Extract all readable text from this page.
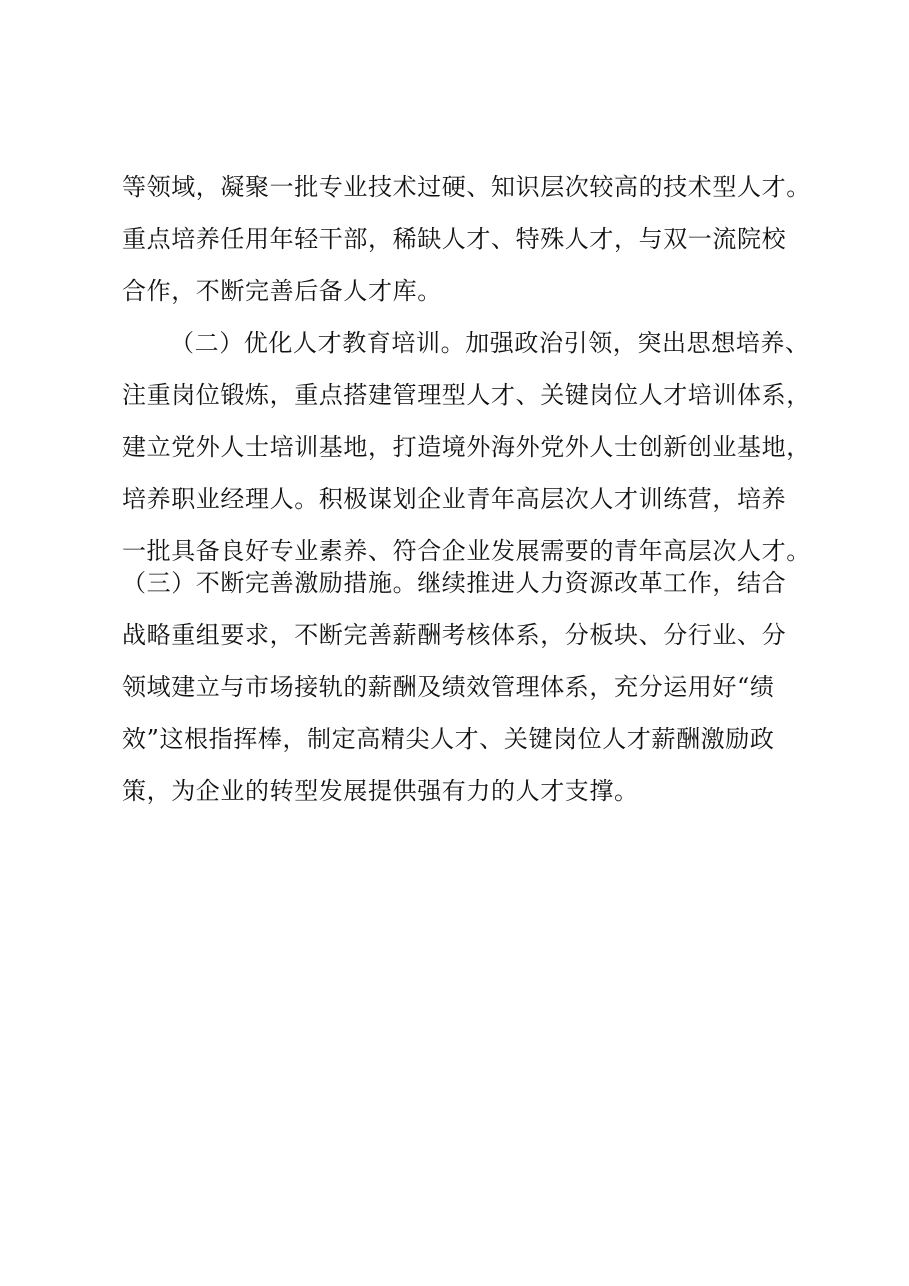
等领域，凝聚一批专业技术过硬、知识层次较高的技术型人才。
重点培养任用年轻干部，稀缺人才、特殊人才，与双一流院校
合作，不断完善后备人才库。
（二）优化人才教育培训。加强政治引领，突出思想培养、
注重岗位锻炼，重点搭建管理型人才、关键岗位人才培训体系，
建立党外人士培训基地，打造境外海外党外人士创新创业基地，
培养职业经理人。积极谋划企业青年高层次人才训练营，培养
一批具备良好专业素养、符合企业发展需要的青年高层次人才。
（三）不断完善激励措施。继续推进人力资源改革工作，结合
战略重组要求，不断完善薪酬考核体系，分板块、分行业、分
领域建立与市场接轨的薪酬及绩效管理体系，充分运用好“绩
效”这根指挥棒，制定高精尖人才、关键岗位人才薪酬激励政
策，为企业的转型发展提供强有力的人才支撑。
